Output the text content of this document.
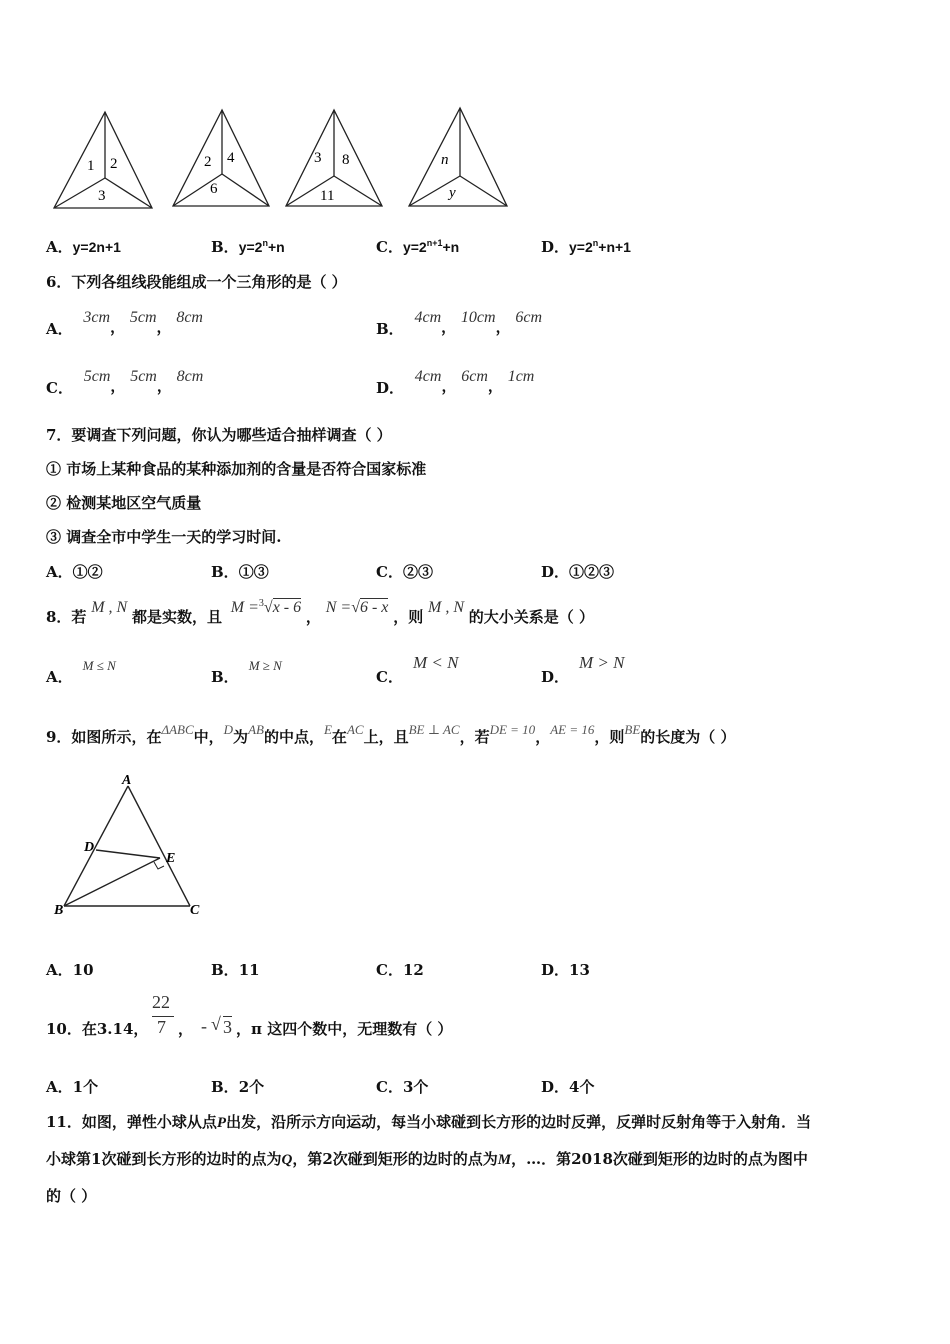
1 2
3
2 4
6
3 8
11
n
y
A．y=2n+1	B．$y=2^n+n$	C．$y=2^{n+1}+n$	D．$y=2^n+n+1$
6．下列各组线段能组成一个三角形的是（ ）
A． 3cm， 5cm， 8cm
B． 4cm， 10cm， 6cm
C． 5cm， 5cm， 8cm
D． 4cm， 6cm， 1cm
7．要调查下列问题，你认为哪些适合抽样调查（ ）
① 市场上某种食品的某种添加剂的含量是否符合国家标准
② 检测某地区空气质量
③ 调查全市中学生一天的学习时间.
A．①②	B．①③	C．②③	D．①②③
8．若 M , N 都是实数，且 M =$^3$√x - 6 ， N =√6 - x ，则 M , N 的大小关系是（ ）
A．M ≤ N
B．M ≥ N
C．M < N
D．M > N
9．如图所示，在ΔABC中，D为AB的中点，E在AC上，且BE ⊥ AC，若DE = 10，AE = 16，则BE的长度为（ ）
A
D
E
B	C
A．10	B．11	C．12	D．13
10．在3.14，
22
7 ， - √ 3 ，π 这四个数中，无理数有（ ）
A．1个	B．2个	C．3个	D．4个
11．如图，弹性小球从点P出发，沿所示方向运动，每当小球碰到长方形的边时反弹，反弹时反射角等于入射角．当
小球第1次碰到长方形的边时的点为Q，第2次碰到矩形的边时的点为M，…．第2018次碰到矩形的边时的点为图中
的（ ）
